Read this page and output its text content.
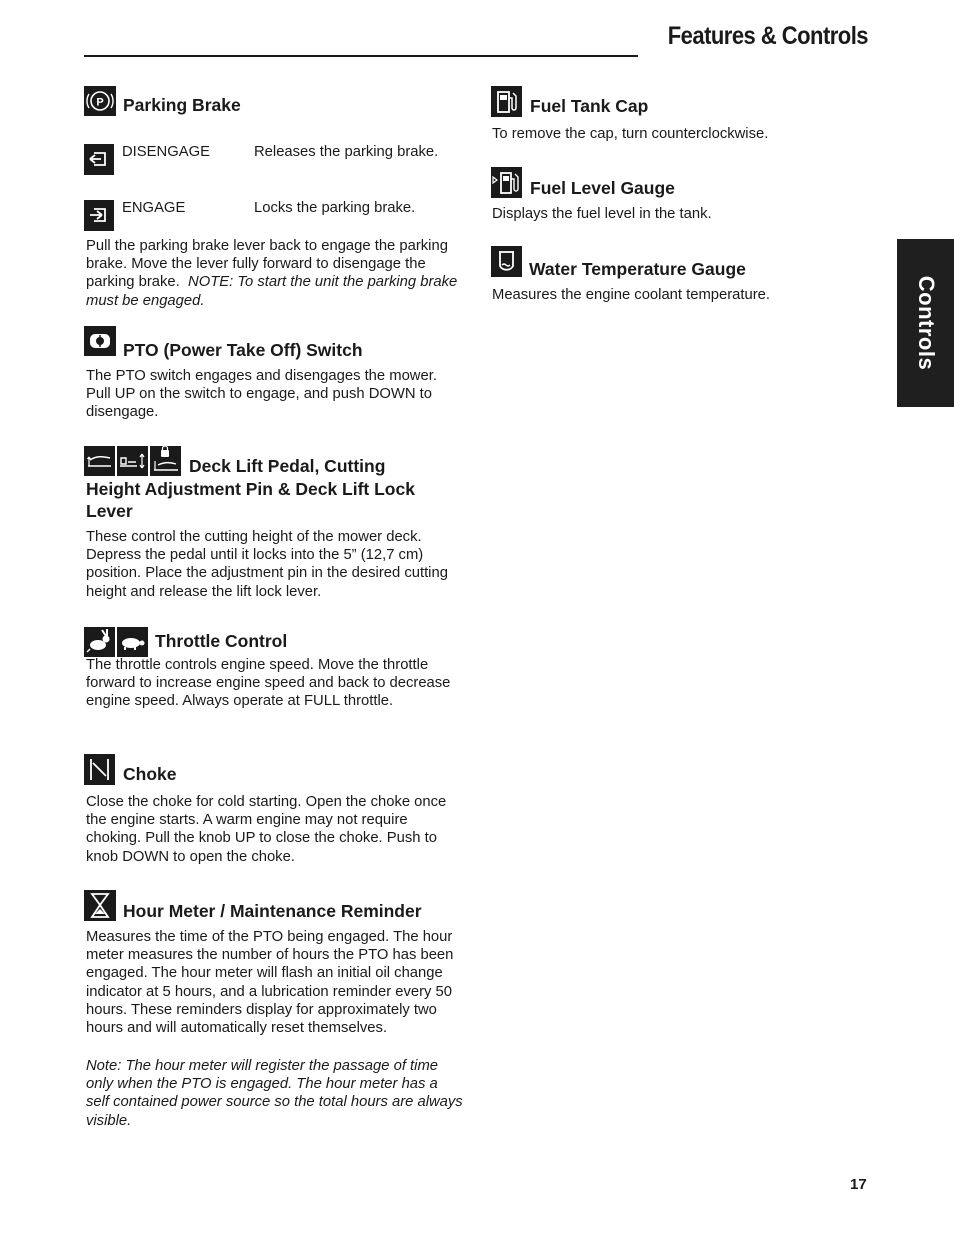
Features & Controls
Controls
P Parking Brake
DISENGAGE	Releases the parking brake.
ENGAGE	Locks the parking brake.
Pull the parking brake lever back to engage the parking brake. Move the lever fully forward to disengage the parking brake. NOTE: To start the unit the parking brake must be engaged.
PTO (Power Take Off) Switch
The PTO switch engages and disengages the mower. Pull UP on the switch to engage, and push DOWN to disengage.
Deck Lift Pedal, Cutting
Height Adjustment Pin & Deck Lift Lock Lever
These control the cutting height of the mower deck. Depress the pedal until it locks into the 5” (12,7 cm) position. Place the adjustment pin in the desired cutting height and release the lift lock lever.
Throttle Control
The throttle controls engine speed. Move the throttle forward to increase engine speed and back to decrease engine speed. Always operate at FULL throttle.
Choke
Close the choke for cold starting. Open the choke once the engine starts. A warm engine may not require choking. Pull the knob UP to close the choke. Push to knob DOWN to open the choke.
Hour Meter / Maintenance Reminder
Measures the time of the PTO being engaged. The hour meter measures the number of hours the PTO has been engaged. The hour meter will flash an initial oil change indicator at 5 hours, and a lubrication reminder every 50 hours. These reminders display for approximately two hours and will automatically reset themselves.
Note: The hour meter will register the passage of time only when the PTO is engaged. The hour meter has a self contained power source so the total hours are always visible.
Fuel Tank Cap
To remove the cap, turn counterclockwise.
Fuel Level Gauge
Displays the fuel level in the tank.
Water Temperature Gauge
Measures the engine coolant temperature.
17
